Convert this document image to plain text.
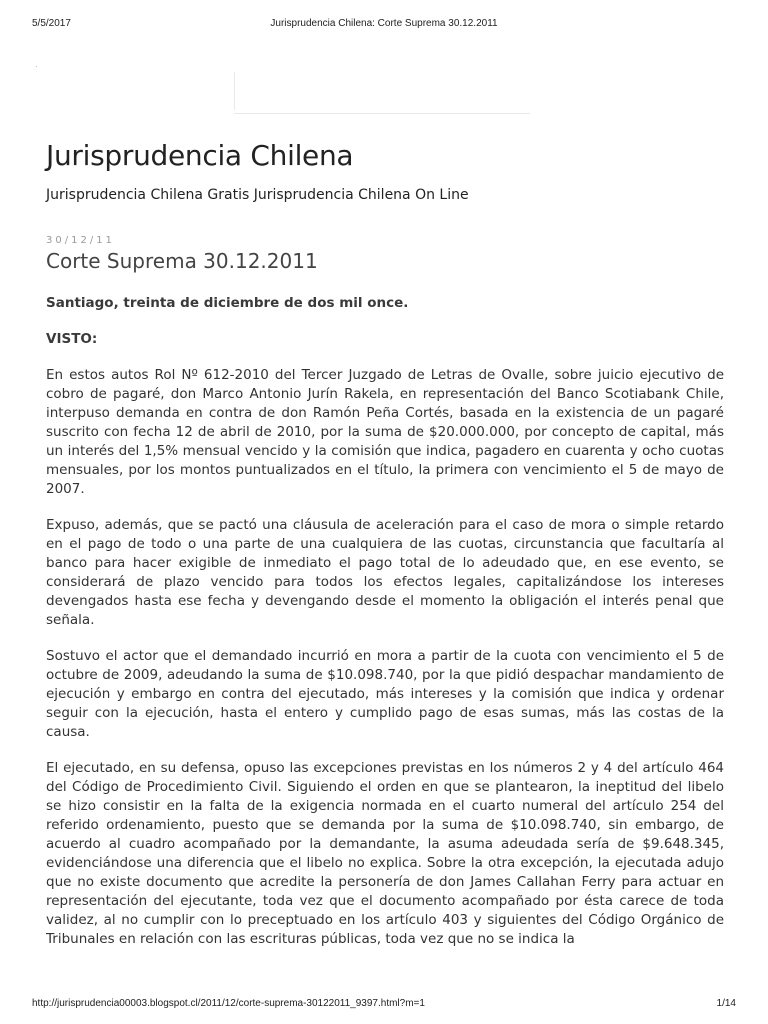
5/5/2017	Jurisprudencia Chilena: Corte Suprema 30.12.2011
Jurisprudencia Chilena
Jurisprudencia Chilena Gratis Jurisprudencia Chilena On Line
30/12/11
Corte Suprema 30.12.2011

Santiago, treinta de diciembre de dos mil once.

VISTO:

En estos autos Rol Nº 612-2010 del Tercer Juzgado de Letras de Ovalle, sobre juicio ejecutivo de cobro de pagaré, don Marco Antonio Jurín Rakela, en representación del Banco Scotiabank Chile, interpuso demanda en contra de don Ramón Peña Cortés, basada en la existencia de un pagaré suscrito con fecha 12 de abril de 2010, por la suma de $20.000.000, por concepto de capital, más un interés del 1,5% mensual vencido y la comisión que indica, pagadero en cuarenta y ocho cuotas mensuales, por los montos puntualizados en el título, la primera con vencimiento el 5 de mayo de 2007.

Expuso, además, que se pactó una cláusula de aceleración para el caso de mora o simple retardo en el pago de todo o una parte de una cualquiera de las cuotas, circunstancia que facultaría al banco para hacer exigible de inmediato el pago total de lo adeudado que, en ese evento, se considerará de plazo vencido para todos los efectos legales, capitalizándose los intereses devengados hasta ese fecha y devengando desde el momento la obligación el interés penal que señala.

Sostuvo el actor que el demandado incurrió en mora a partir de la cuota con vencimiento el 5 de octubre de 2009, adeudando la suma de $10.098.740, por la que pidió despachar mandamiento de ejecución y embargo en contra del ejecutado, más intereses y la comisión que indica y ordenar seguir con la ejecución, hasta el entero y cumplido pago de esas sumas, más las costas de la causa.

El ejecutado, en su defensa, opuso las excepciones previstas en los números 2 y 4 del artículo 464 del Código de Procedimiento Civil. Siguiendo el orden en que se plantearon, la ineptitud del libelo se hizo consistir en la falta de la exigencia normada en el cuarto numeral del artículo 254 del referido ordenamiento, puesto que se demanda por la suma de $10.098.740, sin embargo, de acuerdo al cuadro acompañado por la demandante, la asuma adeudada sería de $9.648.345, evidenciándose una diferencia que el libelo no explica. Sobre la otra excepción, la ejecutada adujo que no existe documento que acredite la personería de don James Callahan Ferry para actuar en representación del ejecutante, toda vez que el documento acompañado por ésta carece de toda validez, al no cumplir con lo preceptuado en los artículo 403 y siguientes del Código Orgánico de Tribunales en relación con las escrituras públicas, toda vez que no se indica la

http://jurisprudencia00003.blogspot.cl/2011/12/corte-suprema-30122011_9397.html?m=1	1/14
